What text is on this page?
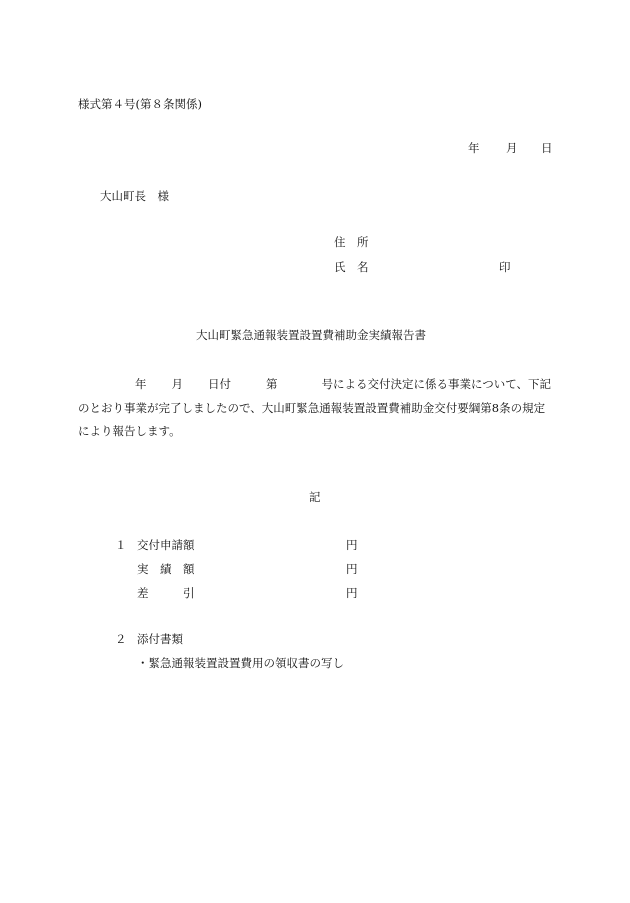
様式第４号(第８条関係)
年 月 日
大山町長　様
住　所
氏　名	印
大山町緊急通報装置設置費補助金実績報告書
年 月 日付	第	号による交付決定に係る事業について、下記
のとおり事業が完了しましたので、大山町緊急通報装置設置費補助金交付要綱第8条の規定
により報告します。
記
１ 交付申請額	円
実　績　額	円
差　　　引	円
２ 添付書類
・緊急通報装置設置費用の領収書の写し
